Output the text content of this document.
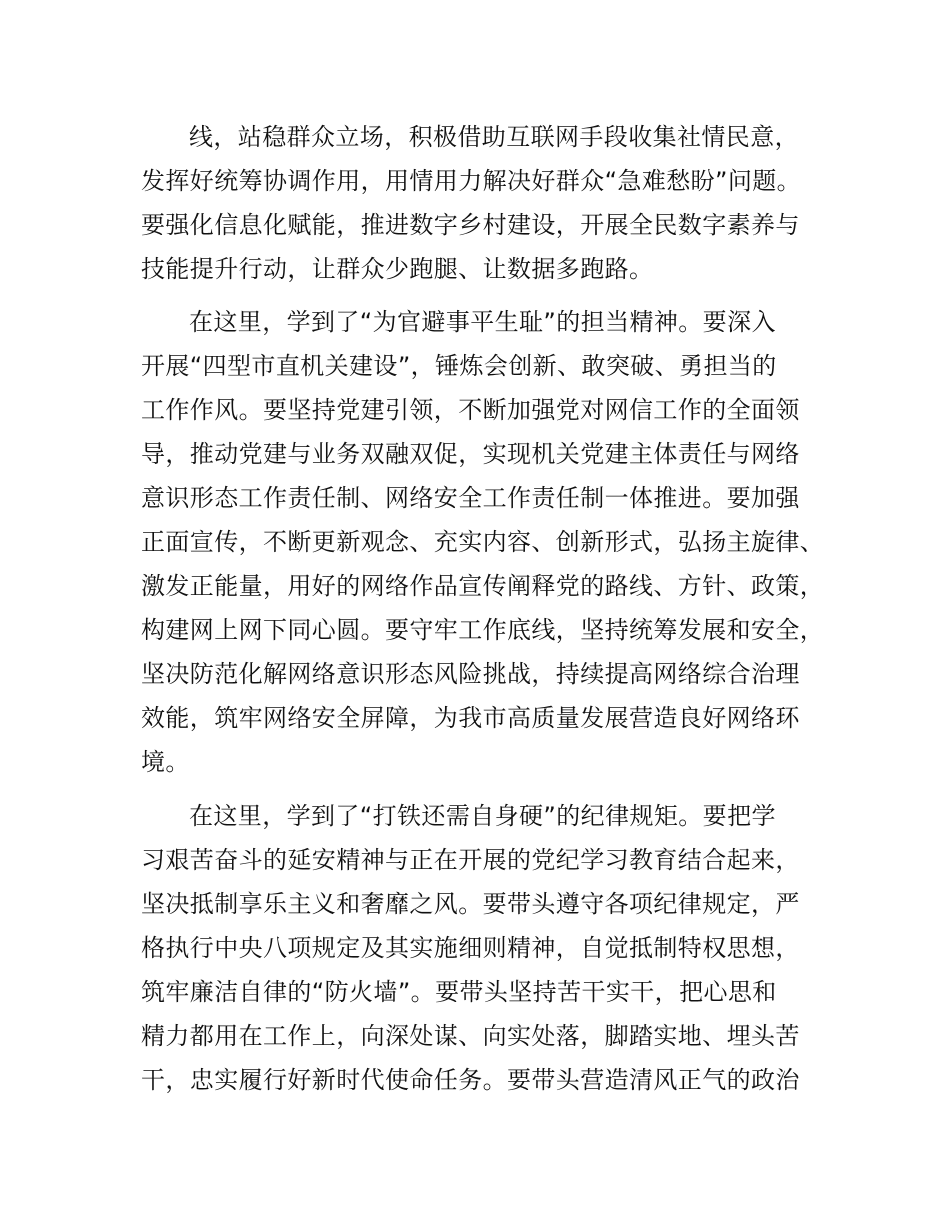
线，站稳群众立场，积极借助互联网手段收集社情民意，
发挥好统筹协调作用，用情用力解决好群众“急难愁盼”问题。
要强化信息化赋能，推进数字乡村建设，开展全民数字素养与
技能提升行动，让群众少跑腿、让数据多跑路。
在这里，学到了“为官避事平生耻”的担当精神。要深入
开展“四型市直机关建设”，锤炼会创新、敢突破、勇担当的
工作作风。要坚持党建引领，不断加强党对网信工作的全面领
导，推动党建与业务双融双促，实现机关党建主体责任与网络
意识形态工作责任制、网络安全工作责任制一体推进。要加强
正面宣传，不断更新观念、充实内容、创新形式，弘扬主旋律、
激发正能量，用好的网络作品宣传阐释党的路线、方针、政策，
构建网上网下同心圆。要守牢工作底线，坚持统筹发展和安全，
坚决防范化解网络意识形态风险挑战，持续提高网络综合治理
效能，筑牢网络安全屏障，为我市高质量发展营造良好网络环
境。
在这里，学到了“打铁还需自身硬”的纪律规矩。要把学
习艰苦奋斗的延安精神与正在开展的党纪学习教育结合起来，
坚决抵制享乐主义和奢靡之风。要带头遵守各项纪律规定，严
格执行中央八项规定及其实施细则精神，自觉抵制特权思想，
筑牢廉洁自律的“防火墙”。要带头坚持苦干实干，把心思和
精力都用在工作上，向深处谋、向实处落，脚踏实地、埋头苦
干，忠实履行好新时代使命任务。要带头营造清风正气的政治
